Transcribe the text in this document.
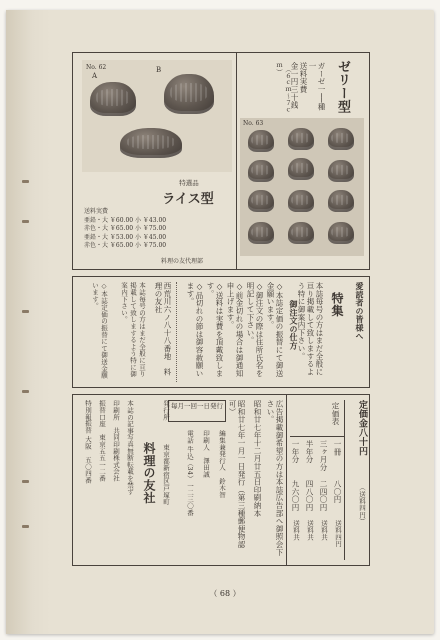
No. 62
A
B	ゼリー型
ガーゼ一──種一
送料実費
金一円三十銭
　（６ｃｍ～７ｃｍ）
No. 63
特選品
ライス型
送料実費
亜鉛・大 ￥60.00 小 ￥43.00
赤色・大 ￥65.00 小 ￥75.00
亜鉛・大 ￥53.00 小 ￥45.00
赤色・大 ￥65.00 小 ￥75.00
料理の友代理部
愛読者の皆様へ
特集
本誌毎号の方はまだ全般に亘り掲載して致しまするよう特に御案内下さい。
御注文の仕方
◇本誌定価の振替にて御送金願います。
◇御注文の際は住所氏名を明記して下さい。
◇前金切れの場合は御通知申上げます。
◇送料は実費を頂戴致します。
◇品切れの節は御容赦願います。
西荒川六ノ八十八番地　料理の友社
本誌毎号の方はまだ全般に亘り掲載して致しまするよう特に御案内下さい。
◇本誌定価の振替にて御送金願います。
定価金八十円
（送料四円）
定価表
一冊
八〇円
送料四円
三ヶ月分
二四〇円
送料共
半年分
四八〇円
送料共
一年分
九六〇円
送料共
広告掲載御希望の方は本誌広告部へ御照会下さい。
昭和廿七年十二月廿五日印刷納本
昭和廿七年一月一日発行（第三種郵便物認可）
毎月一回一日発行
編集兼発行人　鈴木智
印刷人　澤田誠
電話 牛込（34）一二三〇番
発行所
東京都新宿区戸塚町
料理の友社
本誌の記事写真無断転載を禁ず
印刷所　共同印刷株式会社
振替口座　東京五五一二番
振替 大阪　五〇四番
特別報
（ 68 ）
